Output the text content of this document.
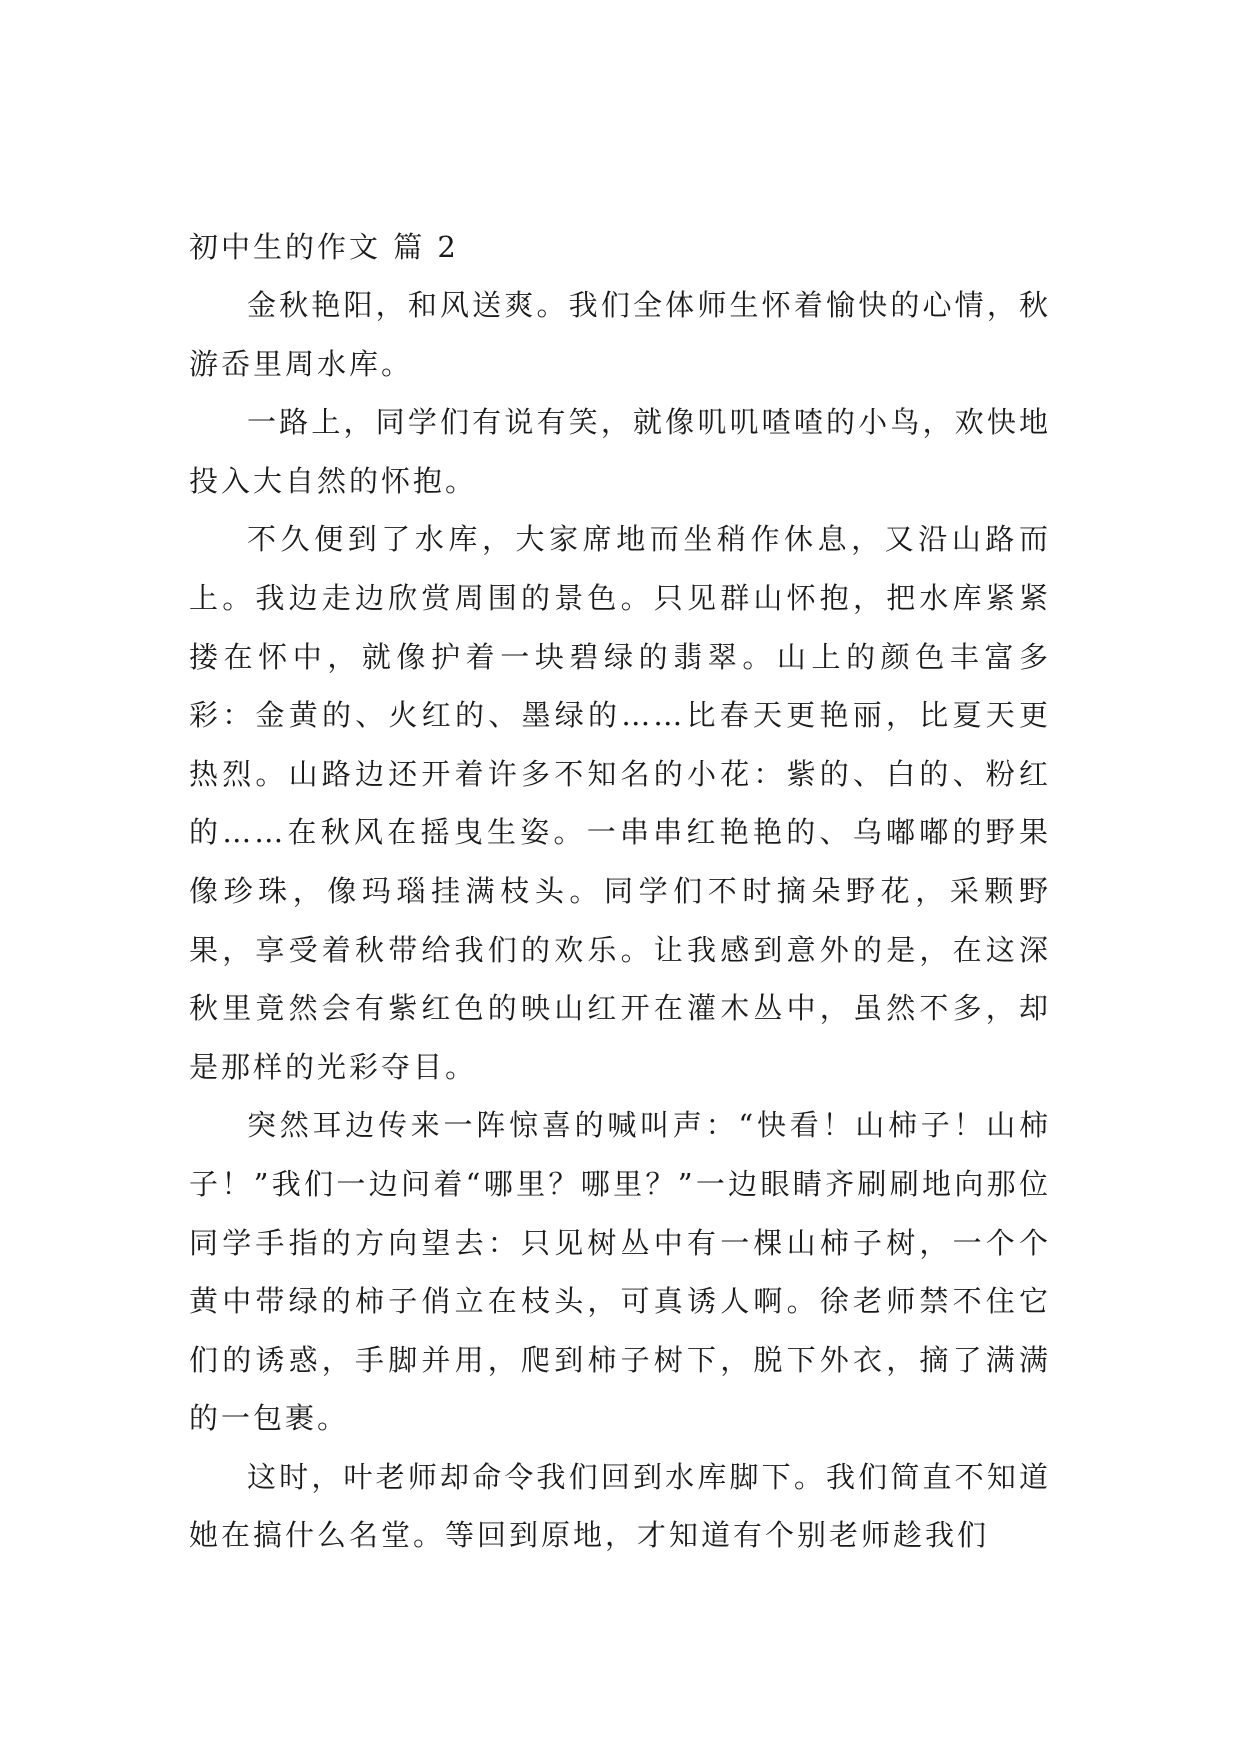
初中生的作文 篇 2

金秋艳阳，和风送爽。我们全体师生怀着愉快的心情，秋游岙里周水库。

一路上，同学们有说有笑，就像叽叽喳喳的小鸟，欢快地投入大自然的怀抱。

不久便到了水库，大家席地而坐稍作休息，又沿山路而上。我边走边欣赏周围的景色。只见群山怀抱，把水库紧紧搂在怀中，就像护着一块碧绿的翡翠。山上的颜色丰富多彩：金黄的、火红的、墨绿的……比春天更艳丽，比夏天更热烈。山路边还开着许多不知名的小花：紫的、白的、粉红的……在秋风在摇曳生姿。一串串红艳艳的、乌嘟嘟的野果像珍珠，像玛瑙挂满枝头。同学们不时摘朵野花，采颗野果，享受着秋带给我们的欢乐。让我感到意外的是，在这深秋里竟然会有紫红色的映山红开在灌木丛中，虽然不多，却是那样的光彩夺目。

突然耳边传来一阵惊喜的喊叫声：“快看！山柿子！山柿子！”我们一边问着“哪里？哪里？”一边眼睛齐刷刷地向那位同学手指的方向望去：只见树丛中有一棵山柿子树，一个个黄中带绿的柿子俏立在枝头，可真诱人啊。徐老师禁不住它们的诱惑，手脚并用，爬到柿子树下，脱下外衣，摘了满满的一包裹。

这时，叶老师却命令我们回到水库脚下。我们简直不知道她在搞什么名堂。等回到原地，才知道有个别老师趁我们
